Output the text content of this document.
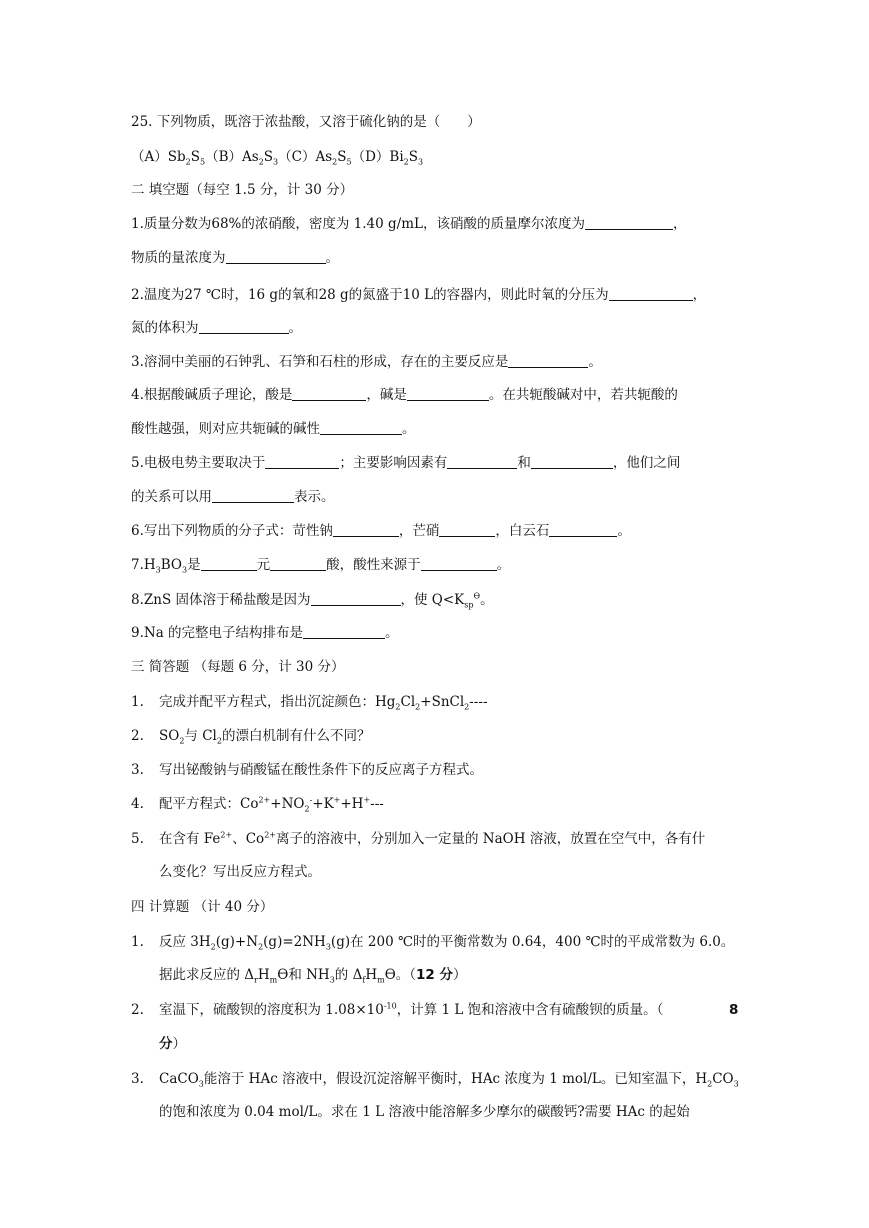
25. 下列物质，既溶于浓盐酸，又溶于硫化钠的是（　　）
$(A)Sb_2S_5(B)As_2S_3(C)As_2S_5(D)Bi_2S_3$
二 填空题（每空 1.5 分，计 30 分）
1.质量分数为68%的浓硝酸，密度为 1.40 g/mL，该硝酸的质量摩尔浓度为	，
物质的量浓度为	。
2.温度为27 ℃时，16 g的氧和28 g的氮盛于10 L的容器内，则此时氧的分压为	，
氮的体积为	。
3.溶洞中美丽的石钟乳、石笋和石柱的形成，存在的主要反应是	。
4.根据酸碱质子理论，酸是	，碱是	。在共轭酸碱对中，若共轭酸的
酸性越强，则对应共轭碱的碱性	。
5.电极电势主要取决于	；主要影响因素有	和	，他们之间
的关系可以用	表示。
6.写出下列物质的分子式：苛性钠	，芒硝	，白云石	。
$7.H_3BO_3$是	元	酸，酸性来源于	。
8.ZnS 固体溶于稀盐酸是因为	，使 $Q<K_{sp}^ϴ$。
9.Na 的完整电子结构排布是	。
三 简答题 （每题 6 分，计 30 分）
1. 完成并配平方程式，指出沉淀颜色：$Hg_2Cl_2+SnCl_2----$
2. $SO_2$与 $Cl_2$的漂白机制有什么不同？
3. 写出铋酸钠与硝酸锰在酸性条件下的反应离子方程式。
4. 配平方程式：$Co^{2+}+NO_2^-+K^++H^+---$
5. 在含有 $Fe^{2+}$、$Co^{2+}$离子的溶液中，分别加入一定量的 NaOH 溶液，放置在空气中，各有什
么变化？写出反应方程式。
四 计算题 （计 40 分）
1. 反应 $3H_2(g)+N_2(g)=2NH_3(g)$在 200 ℃时的平衡常数为 0.64，400 ℃时的平成常数为 6.0。
据此求反应的 $\Delta_rH_mϴ$和 $NH_3$的 $\Delta_fH_mϴ$。（12 分）
2. 室温下，硫酸钡的溶度积为 $1.08\times 10^{-10}$，计算 1 L 饱和溶液中含有硫酸钡的质量。（	8
分）
3. CaCO$_3$能溶于 HAc 溶液中，假设沉淀溶解平衡时，HAc 浓度为 1 mol/L。已知室温下，$H_2CO_3$
的饱和浓度为 0.04 mol/L。求在 1 L 溶液中能溶解多少摩尔的碳酸钙?需要 HAc 的起始
